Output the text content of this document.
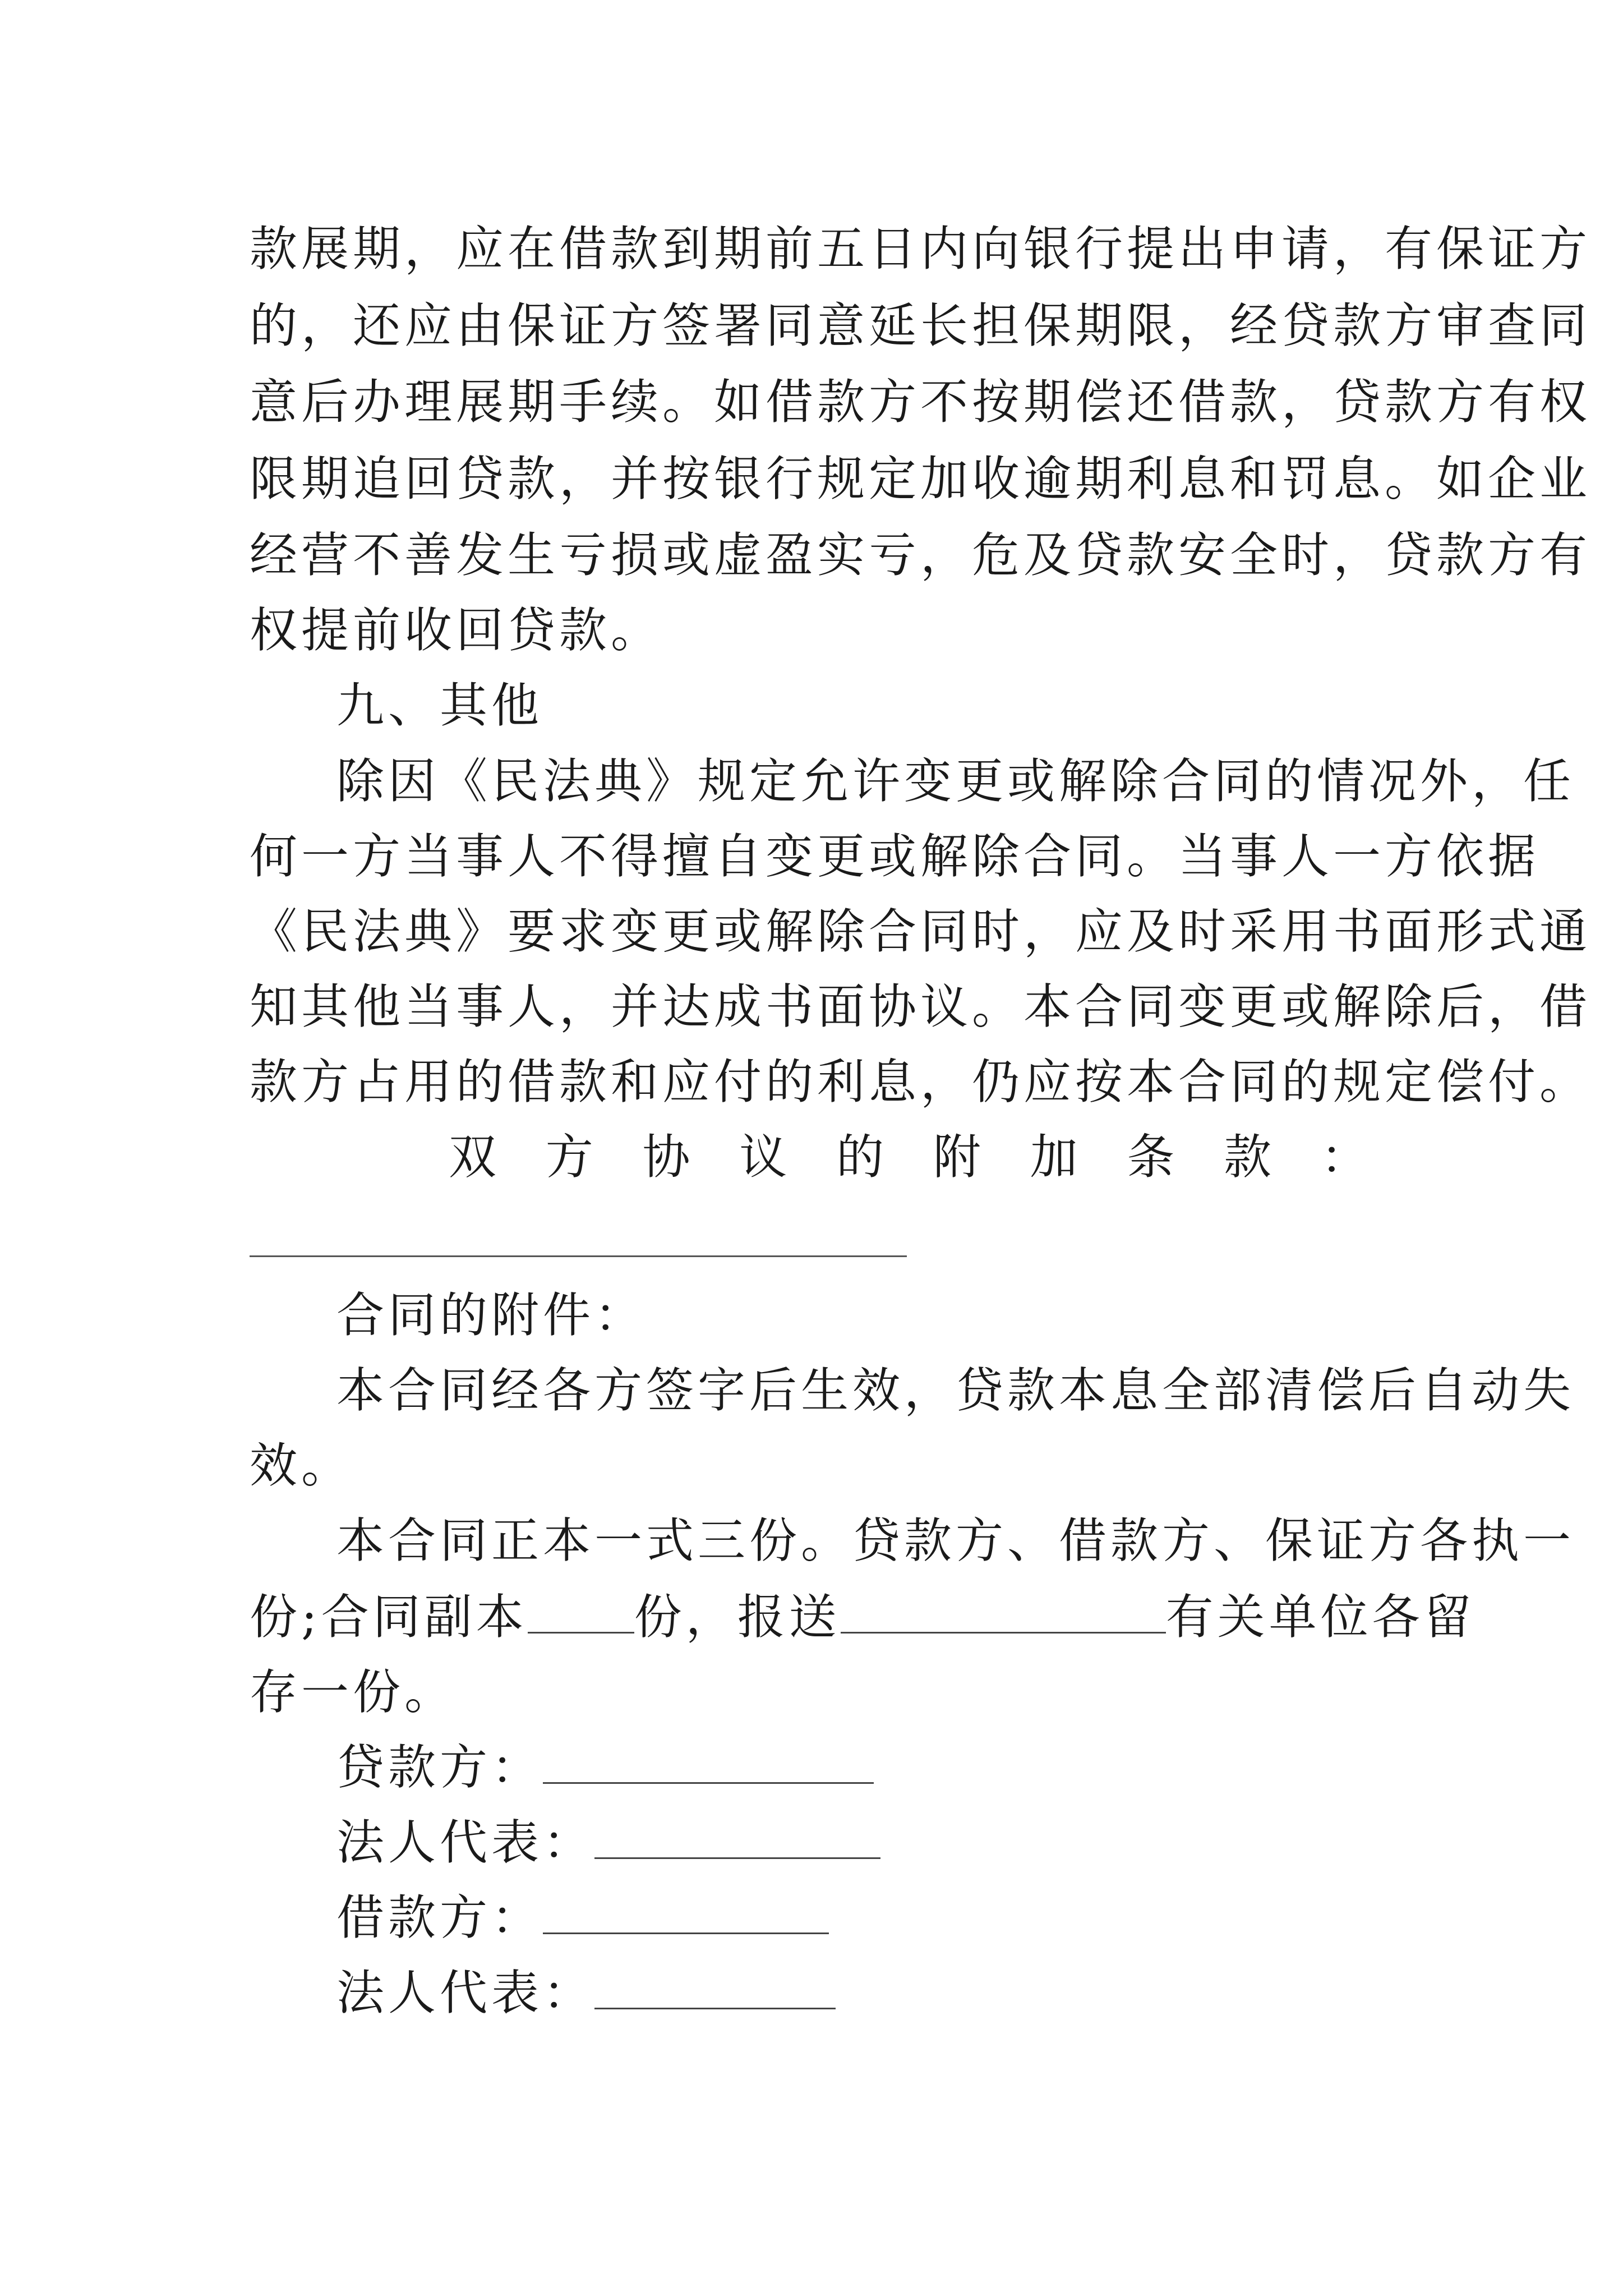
款展期，应在借款到期前五日内向银行提出申请，有保证方
的，还应由保证方签署同意延长担保期限，经贷款方审查同
意后办理展期手续。如借款方不按期偿还借款，贷款方有权
限期追回贷款，并按银行规定加收逾期利息和罚息。如企业
经营不善发生亏损或虚盈实亏，危及贷款安全时，贷款方有
权提前收回贷款。
九、其他
除因《民法典》规定允许变更或解除合同的情况外，任
何一方当事人不得擅自变更或解除合同。当事人一方依据
《民法典》要求变更或解除合同时，应及时采用书面形式通
知其他当事人，并达成书面协议。本合同变更或解除后，借
款方占用的借款和应付的利息，仍应按本合同的规定偿付。
双 方 协 议 的 附 加 条 款 ：
合同的附件：
本合同经各方签字后生效，贷款本息全部清偿后自动失
效。
本合同正本一式三份。贷款方、借款方、保证方各执一
份;合同副本 份，报送	有关单位各留
存一份。
贷款方：
法人代表：
借款方：
法人代表：
